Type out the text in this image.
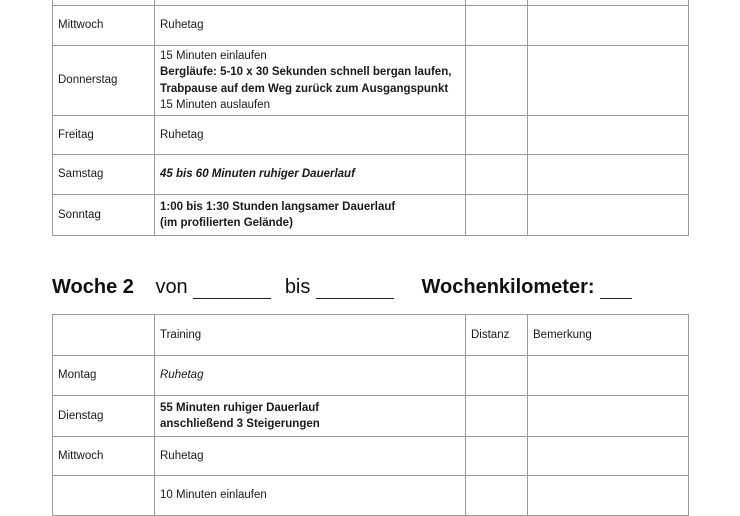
Mittwoch	Ruhetag		

Donnerstag	15 Minuten einlaufen
Bergläufe: 5-10 x 30 Sekunden schnell bergan laufen,
Trabpause auf dem Weg zurück zum Ausgangspunkt
15 Minuten auslaufen		

Freitag	Ruhetag		

Samstag	45 bis 60 Minuten ruhiger Dauerlauf		

Sonntag	1:00 bis 1:30 Stunden langsamer Dauerlauf
(im profilierten Gelände)		

Woche 2 von	bis	Wochenkilometer:
	Training	Distanz	Bemerkung
Montag	Ruhetag		

Dienstag	55 Minuten ruhiger Dauerlauf
anschließend 3 Steigerungen		

Mittwoch	Ruhetag		

	10 Minuten einlaufen		
